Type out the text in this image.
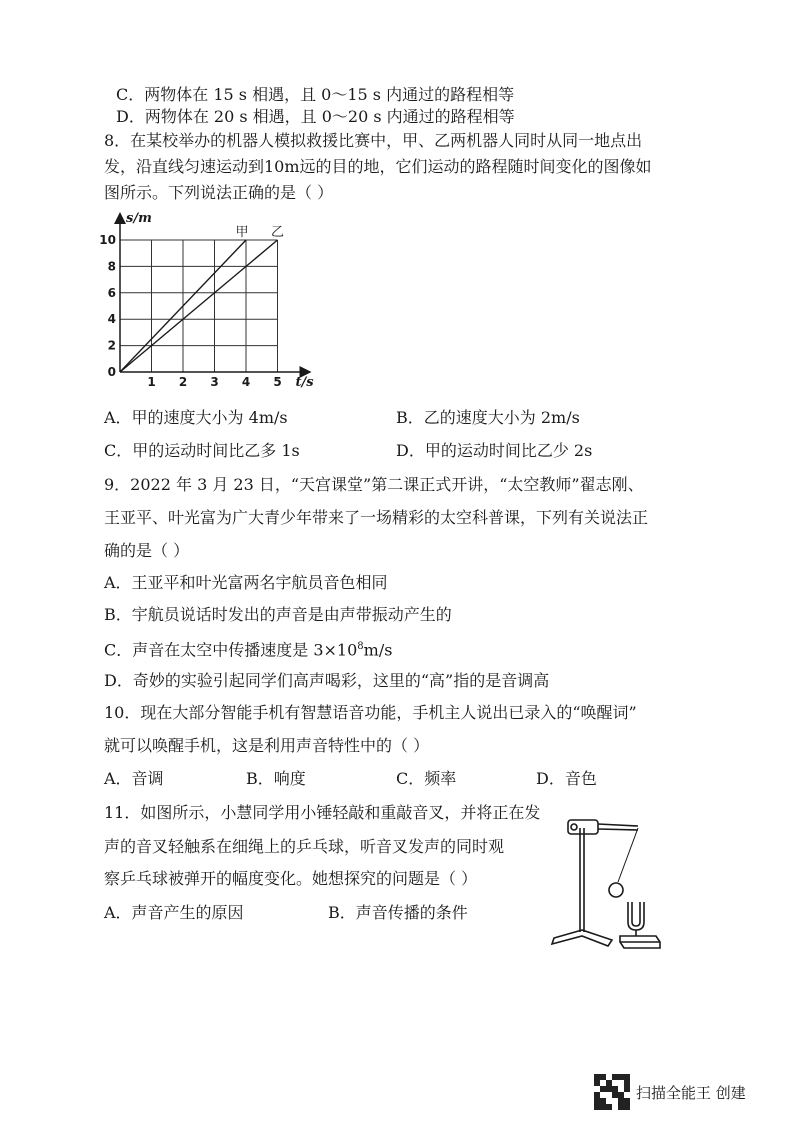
C．两物体在 15 s 相遇，且 0～15 s 内通过的路程相等
D．两物体在 20 s 相遇，且 0～20 s 内通过的路程相等
8．在某校举办的机器人模拟救援比赛中，甲、乙两机器人同时从同一地点出
发，沿直线匀速运动到10m远的目的地，它们运动的路程随时间变化的图像如
图所示。下列说法正确的是（ ）
1 2 3 4 5
0
2
4
6
8
10	甲 乙
s/m
t/s
A．甲的速度大小为 4m/s	B．乙的速度大小为 2m/s
C．甲的运动时间比乙多 1s	D．甲的运动时间比乙少 2s
9．2022 年 3 月 23 日，“天宫课堂”第二课正式开讲，“太空教师”翟志刚、
王亚平、叶光富为广大青少年带来了一场精彩的太空科普课，下列有关说法正
确的是（ ）
A．王亚平和叶光富两名宇航员音色相同
B．宇航员说话时发出的声音是由声带振动产生的
C．声音在太空中传播速度是 $3\times 10^8m/s$
D．奇妙的实验引起同学们高声喝彩，这里的“高”指的是音调高
10．现在大部分智能手机有智慧语音功能，手机主人说出已录入的“唤醒词”
就可以唤醒手机，这是利用声音特性中的（ ）
A．音调	B．响度	C．频率	D．音色
11．如图所示，小慧同学用小锤轻敲和重敲音叉，并将正在发
声的音叉轻触系在细绳上的乒乓球，听音叉发声的同时观
察乒乓球被弹开的幅度变化。她想探究的问题是（ ）
A．声音产生的原因	B．声音传播的条件
扫描全能王 创建
